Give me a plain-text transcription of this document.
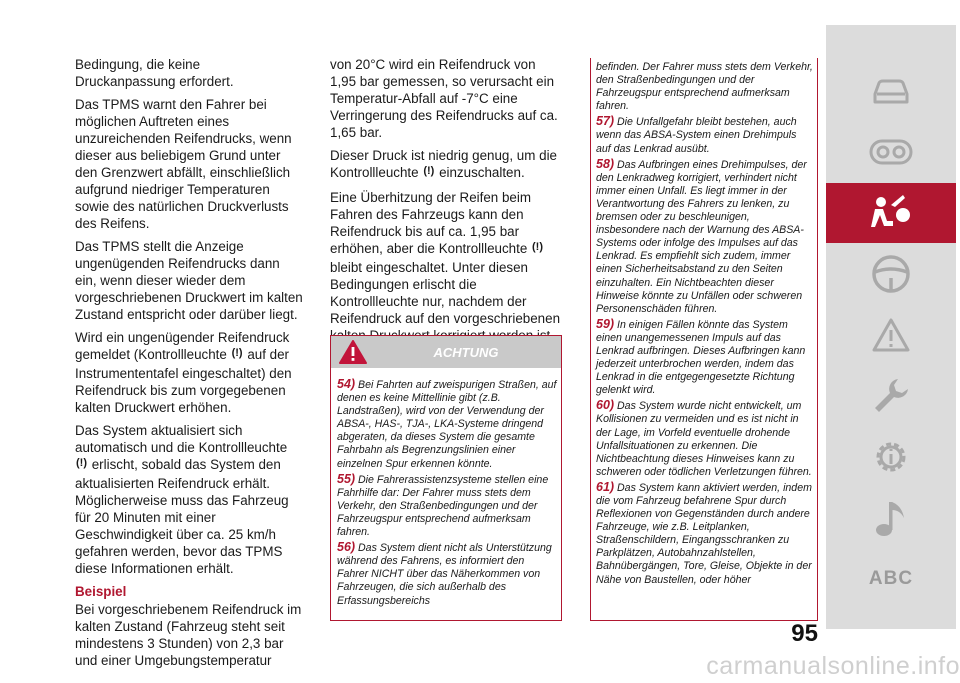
Bedingung, die keine Druckanpassung erfordert.

Das TPMS warnt den Fahrer bei möglichen Auftreten eines unzureichenden Reifendrucks, wenn dieser aus beliebigem Grund unter den Grenzwert abfällt, einschließlich aufgrund niedriger Temperaturen sowie des natürlichen Druckverlusts des Reifens.

Das TPMS stellt die Anzeige ungenügenden Reifendrucks dann ein, wenn dieser wieder dem vorgeschriebenen Druckwert im kalten Zustand entspricht oder darüber liegt.

Wird ein ungenügender Reifendruck gemeldet (Kontrollleuchte (!) auf der Instrumententafel eingeschaltet) den Reifendruck bis zum vorgegebenen kalten Druckwert erhöhen.

Das System aktualisiert sich automatisch und die Kontrollleuchte (!) erlischt, sobald das System den aktualisierten Reifendruck erhält. Möglicherweise muss das Fahrzeug für 20 Minuten mit einer Geschwindigkeit über ca. 25 km/h gefahren werden, bevor das TPMS diese Informationen erhält.

Beispiel

Bei vorgeschriebenem Reifendruck im kalten Zustand (Fahrzeug steht seit mindestens 3 Stunden) von 2,3 bar und einer Umgebungstemperatur

von 20°C wird ein Reifendruck von 1,95 bar gemessen, so verursacht ein Temperatur-Abfall auf -7°C eine Verringerung des Reifendrucks auf ca. 1,65 bar.

Dieser Druck ist niedrig genug, um die Kontrollleuchte (!) einzuschalten.

Eine Überhitzung der Reifen beim Fahren des Fahrzeugs kann den Reifendruck bis auf ca. 1,95 bar erhöhen, aber die Kontrollleuchte (!) bleibt eingeschaltet. Unter diesen Bedingungen erlischt die Kontrollleuchte nur, nachdem der Reifendruck auf den vorgeschriebenen

ACHTUNG

54) Bei Fahrten auf zweispurigen Straßen, auf denen es keine Mittellinie gibt (z.B. Landstraßen), wird von der Verwendung der ABSA-, HAS-, TJA-, LKA-Systeme dringend abgeraten, da dieses System die gesamte Fahrbahn als Begrenzungslinien einer einzelnen Spur erkennen könnte.

55) Die Fahrerassistenzsysteme stellen eine Fahrhilfe dar: Der Fahrer muss stets dem Verkehr, den Straßenbedingungen und der Fahrzeugspur entsprechend aufmerksam fahren.

56) Das System dient nicht als Unterstützung während des Fahrens, es informiert den Fahrer NICHT über das Näherkommen von Fahrzeugen, die sich außerhalb des Erfassungsbereichs

befinden. Der Fahrer muss stets dem Verkehr, den Straßenbedingungen und der Fahrzeugspur entsprechend aufmerksam fahren.

57) Die Unfallgefahr bleibt bestehen, auch wenn das ABSA-System einen Drehimpuls auf das Lenkrad ausübt.

58) Das Aufbringen eines Drehimpulses, der den Lenkradweg korrigiert, verhindert nicht immer einen Unfall. Es liegt immer in der Verantwortung des Fahrers zu lenken, zu bremsen oder zu beschleunigen, insbesondere nach der Warnung des ABSA-Systems oder infolge des Impulses auf das Lenkrad. Es empfiehlt sich zudem, immer einen Sicherheitsabstand zu den Seiten einzuhalten. Ein Nichtbeachten dieser Hinweise könnte zu Unfällen oder schweren Personenschäden führen.

59) In einigen Fällen könnte das System einen unangemessenen Impuls auf das Lenkrad aufbringen. Dieses Aufbringen kann jederzeit unterbrochen werden, indem das Lenkrad in die entgegengesetzte Richtung gelenkt wird.

60) Das System wurde nicht entwickelt, um Kollisionen zu vermeiden und es ist nicht in der Lage, im Vorfeld eventuelle drohende Unfallsituationen zu erkennen. Die Nichtbeachtung dieses Hinweises kann zu schweren oder tödlichen Verletzungen führen.

61) Das System kann aktiviert werden, indem die vom Fahrzeug befahrene Spur durch Reflexionen von Gegenständen durch andere Fahrzeuge, wie z.B. Leitplanken, Straßenschildern, Eingangsschranken zu Parkplätzen, Autobahnzahlstellen, Bahnübergängen, Tore, Gleise, Objekte in der Nähe von Baustellen, oder höher	ABC
95
carmanualsonline.info
